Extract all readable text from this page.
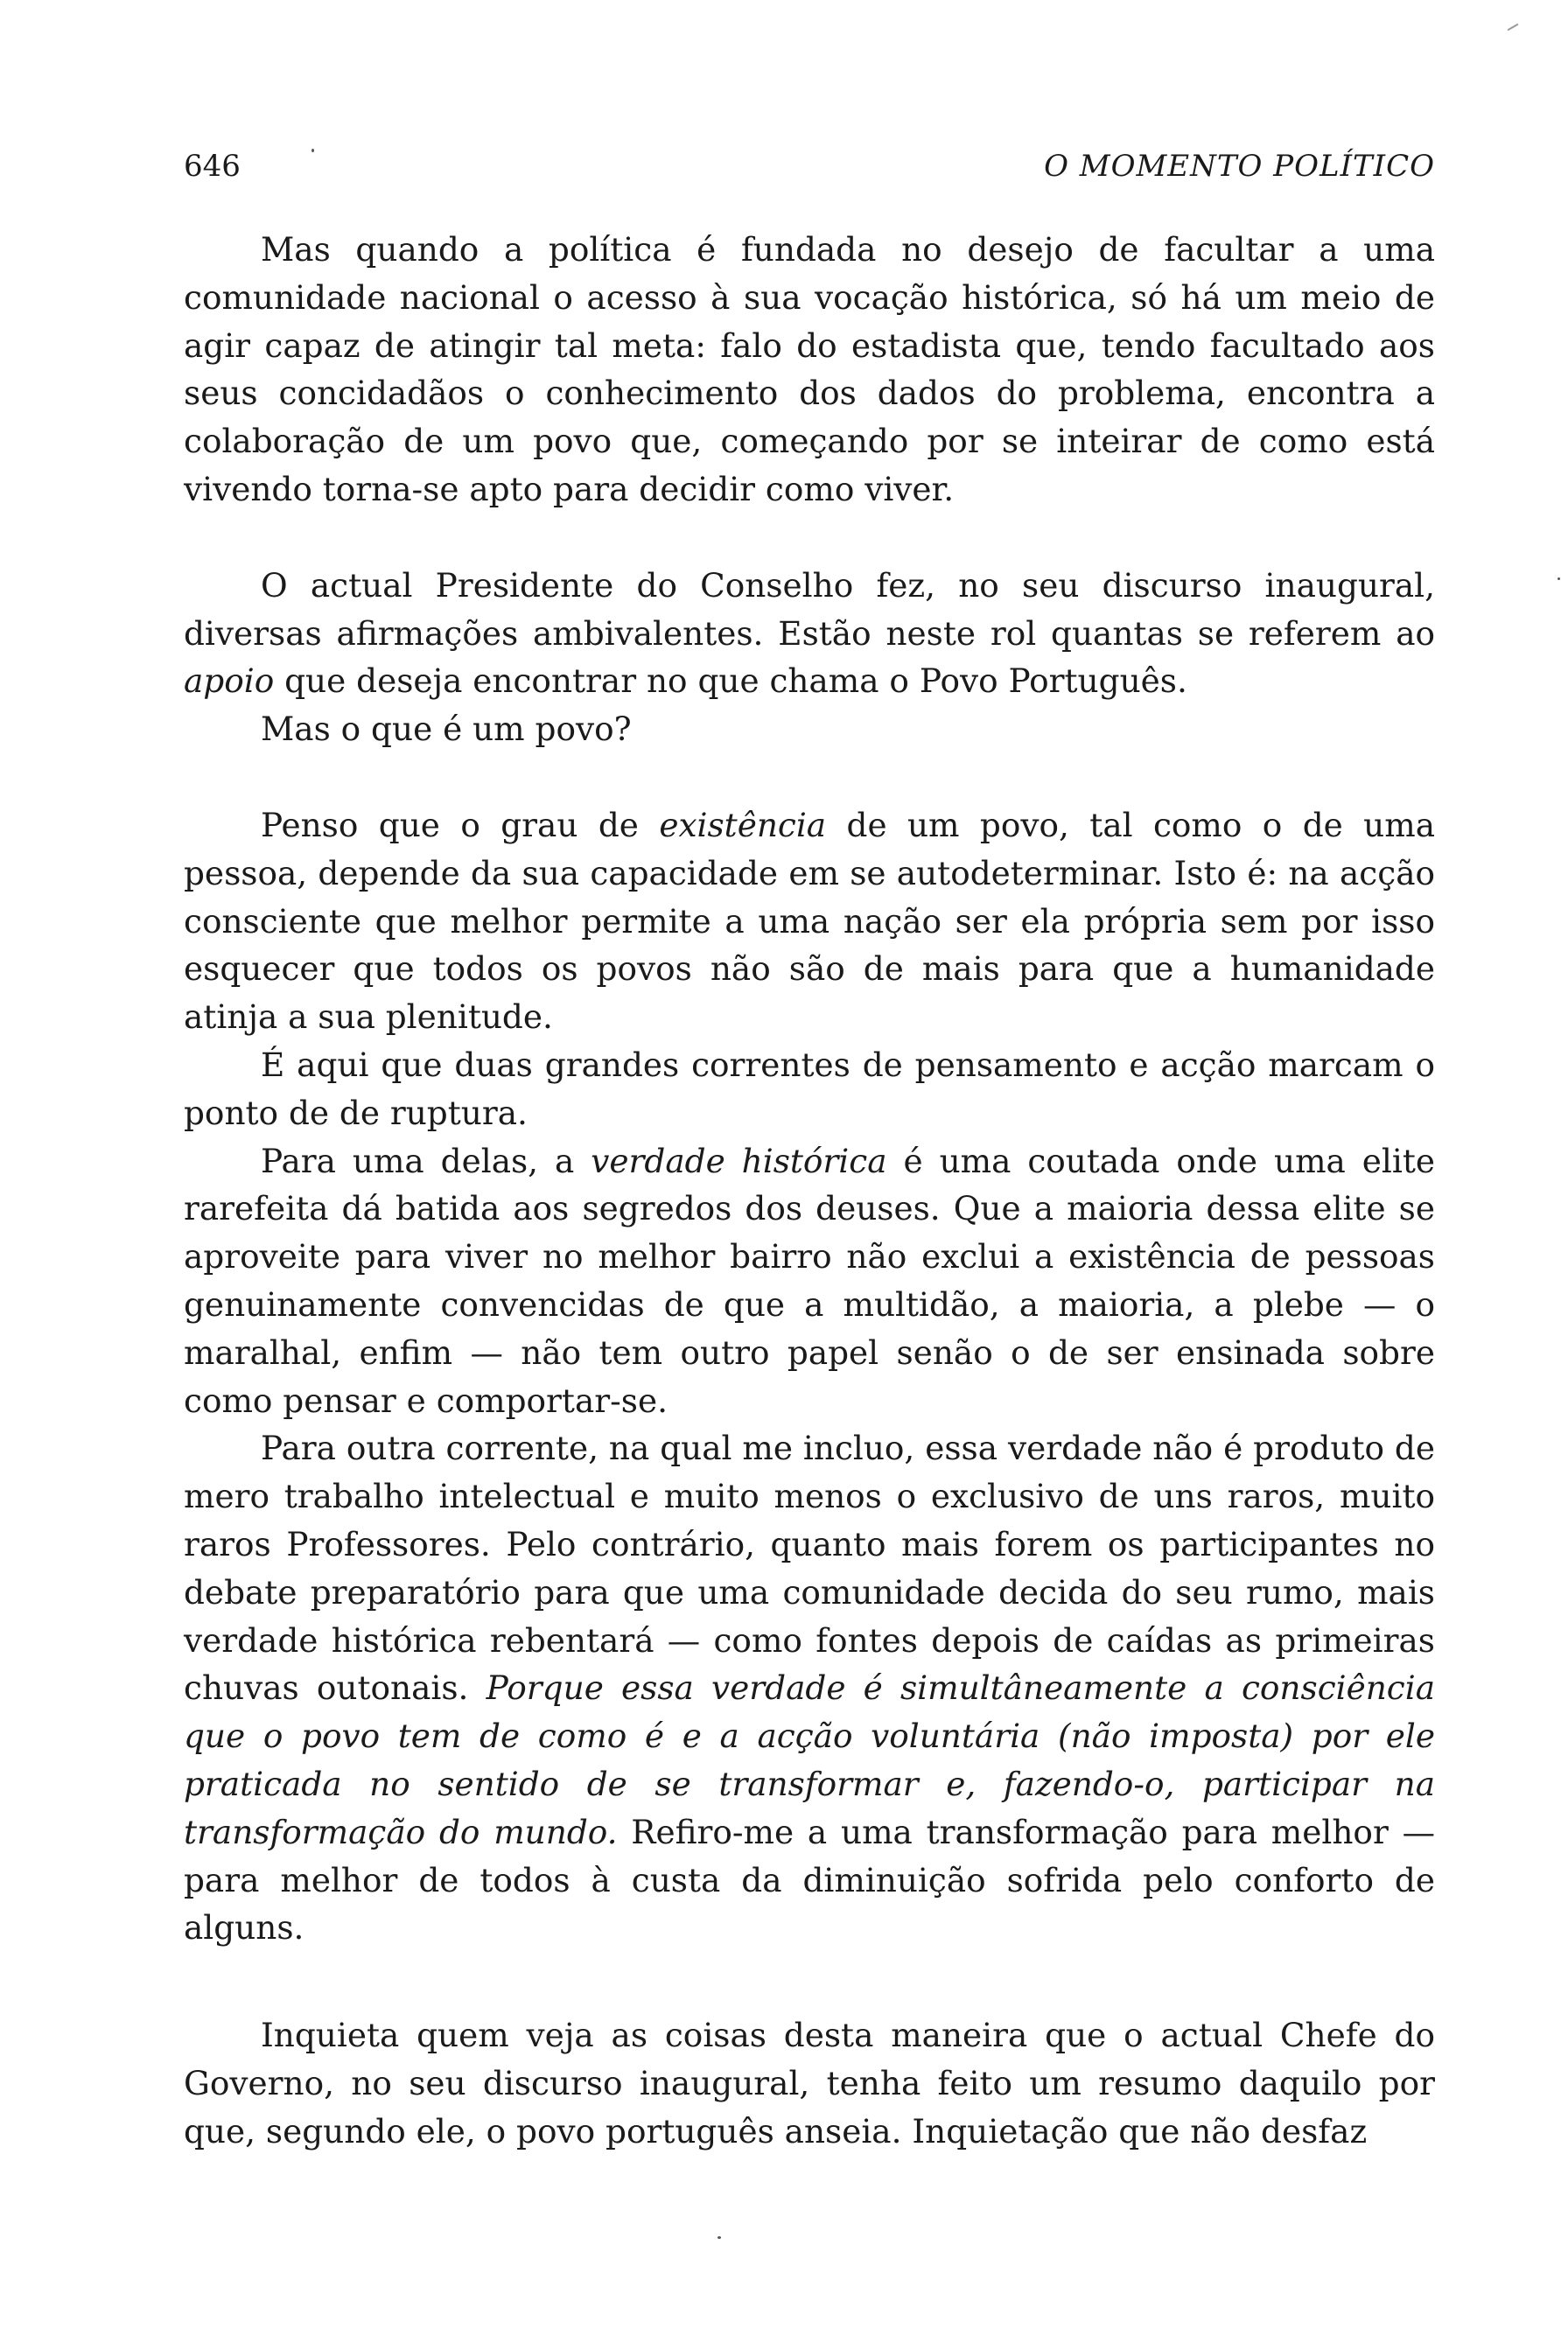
646	O MOMENTO POLÍTICO

Mas quando a política é fundada no desejo de facultar a uma comunidade nacional o acesso à sua vocação histórica, só há um meio de agir capaz de atingir tal meta: falo do estadista que, tendo facultado aos seus concidadãos o conhecimento dos dados do problema, encontra a colaboração de um povo que, começando por se inteirar de como está vivendo torna-se apto para decidir como viver.

O actual Presidente do Conselho fez, no seu discurso inaugural, diversas afirmações ambivalentes. Estão neste rol quantas se referem ao apoio que deseja encontrar no que chama o Povo Português.

Mas o que é um povo?

Penso que o grau de existência de um povo, tal como o de uma pessoa, depende da sua capacidade em se autodeterminar. Isto é: na acção consciente que melhor permite a uma nação ser ela própria sem por isso esquecer que todos os povos não são de mais para que a humanidade atinja a sua plenitude.

É aqui que duas grandes correntes de pensamento e acção marcam o ponto de de ruptura.

Para uma delas, a verdade histórica é uma coutada onde uma elite rarefeita dá batida aos segredos dos deuses. Que a maioria dessa elite se aproveite para viver no melhor bairro não exclui a existência de pessoas genuinamente convencidas de que a multidão, a maioria, a plebe — o maralhal, enfim — não tem outro papel senão o de ser ensinada sobre como pensar e comportar-se.

Para outra corrente, na qual me incluo, essa verdade não é produto de mero trabalho intelectual e muito menos o exclusivo de uns raros, muito raros Professores. Pelo contrário, quanto mais forem os participantes no debate preparatório para que uma comunidade decida do seu rumo, mais verdade histórica rebentará — como fontes depois de caídas as primeiras chuvas outonais. Porque essa verdade é simultâneamente a consciência que o povo tem de como é e a acção voluntária (não imposta) por ele praticada no sentido de se transformar e, fazendo-o, participar na transformação do mundo. Refiro-me a uma transformação para melhor — para melhor de todos à custa da diminuição sofrida pelo conforto de alguns.

Inquieta quem veja as coisas desta maneira que o actual Chefe do Governo, no seu discurso inaugural, tenha feito um resumo daquilo por que, segundo ele, o povo português anseia. Inquietação que não desfaz
